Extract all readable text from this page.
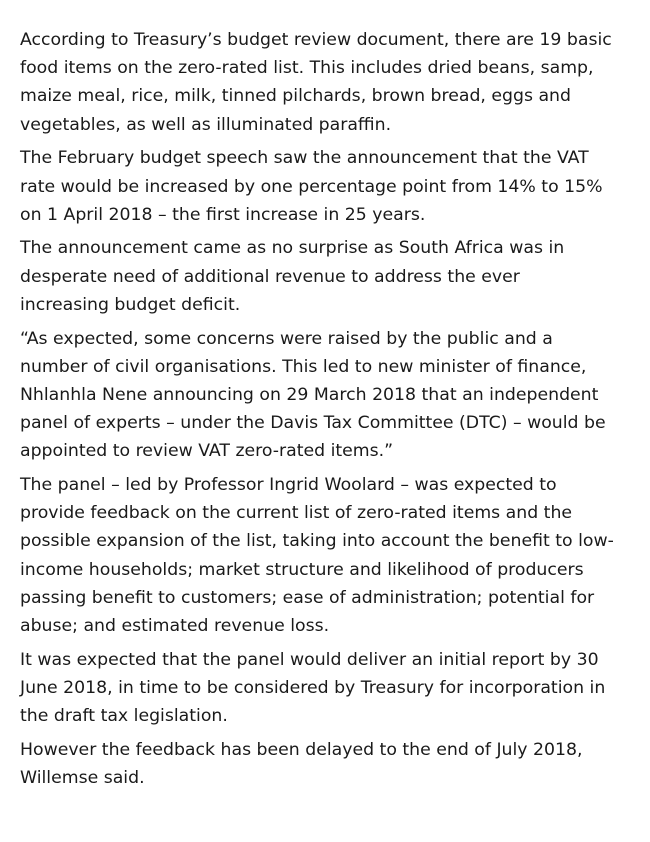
According to Treasury’s budget review document, there are 19 basic
food items on the zero-rated list. This includes dried beans, samp,
maize meal, rice, milk, tinned pilchards, brown bread, eggs and
vegetables, as well as illuminated paraffin.

The February budget speech saw the announcement that the VAT
rate would be increased by one percentage point from 14% to 15%
on 1 April 2018 – the first increase in 25 years.

The announcement came as no surprise as South Africa was in
desperate need of additional revenue to address the ever
increasing budget deficit.

“As expected, some concerns were raised by the public and a
number of civil organisations. This led to new minister of finance,
Nhlanhla Nene announcing on 29 March 2018 that an independent
panel of experts – under the Davis Tax Committee (DTC) – would be
appointed to review VAT zero-rated items.”

The panel – led by Professor Ingrid Woolard – was expected to
provide feedback on the current list of zero-rated items and the
possible expansion of the list, taking into account the benefit to low-
income households; market structure and likelihood of producers
passing benefit to customers; ease of administration; potential for
abuse; and estimated revenue loss.

It was expected that the panel would deliver an initial report by 30
June 2018, in time to be considered by Treasury for incorporation in
the draft tax legislation.

However the feedback has been delayed to the end of July 2018,
Willemse said.
